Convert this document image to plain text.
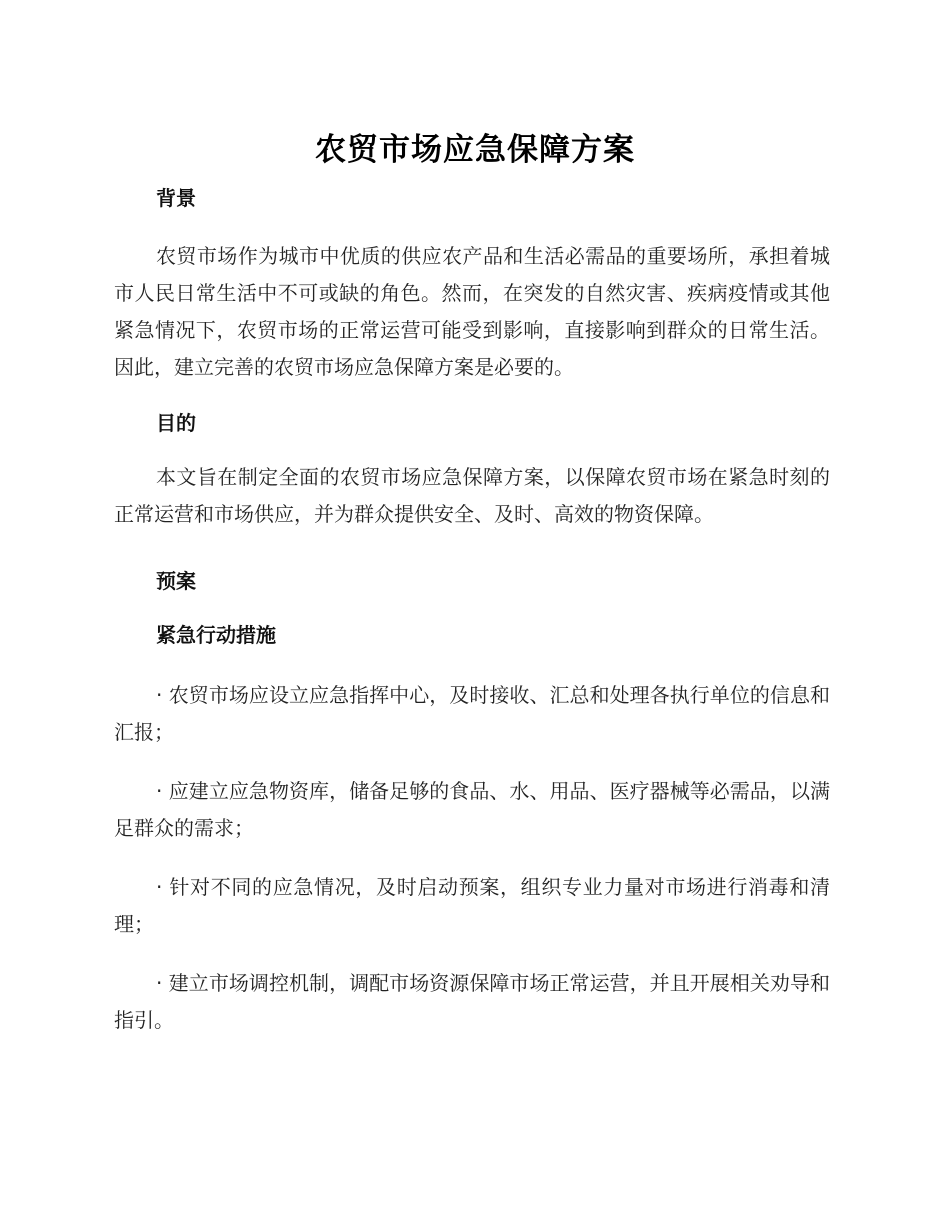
农贸市场应急保障方案
背景

农贸市场作为城市中优质的供应农产品和生活必需品的重要场所，承担着城市人民日常生活中不可或缺的角色。然而，在突发的自然灾害、疾病疫情或其他紧急情况下，农贸市场的正常运营可能受到影响，直接影响到群众的日常生活。因此，建立完善的农贸市场应急保障方案是必要的。

目的

本文旨在制定全面的农贸市场应急保障方案，以保障农贸市场在紧急时刻的正常运营和市场供应，并为群众提供安全、及时、高效的物资保障。

预案
紧急行动措施

· 农贸市场应设立应急指挥中心，及时接收、汇总和处理各执行单位的信息和汇报；

· 应建立应急物资库，储备足够的食品、水、用品、医疗器械等必需品，以满足群众的需求；

· 针对不同的应急情况，及时启动预案，组织专业力量对市场进行消毒和清理；

· 建立市场调控机制，调配市场资源保障市场正常运营，并且开展相关劝导和指引。
